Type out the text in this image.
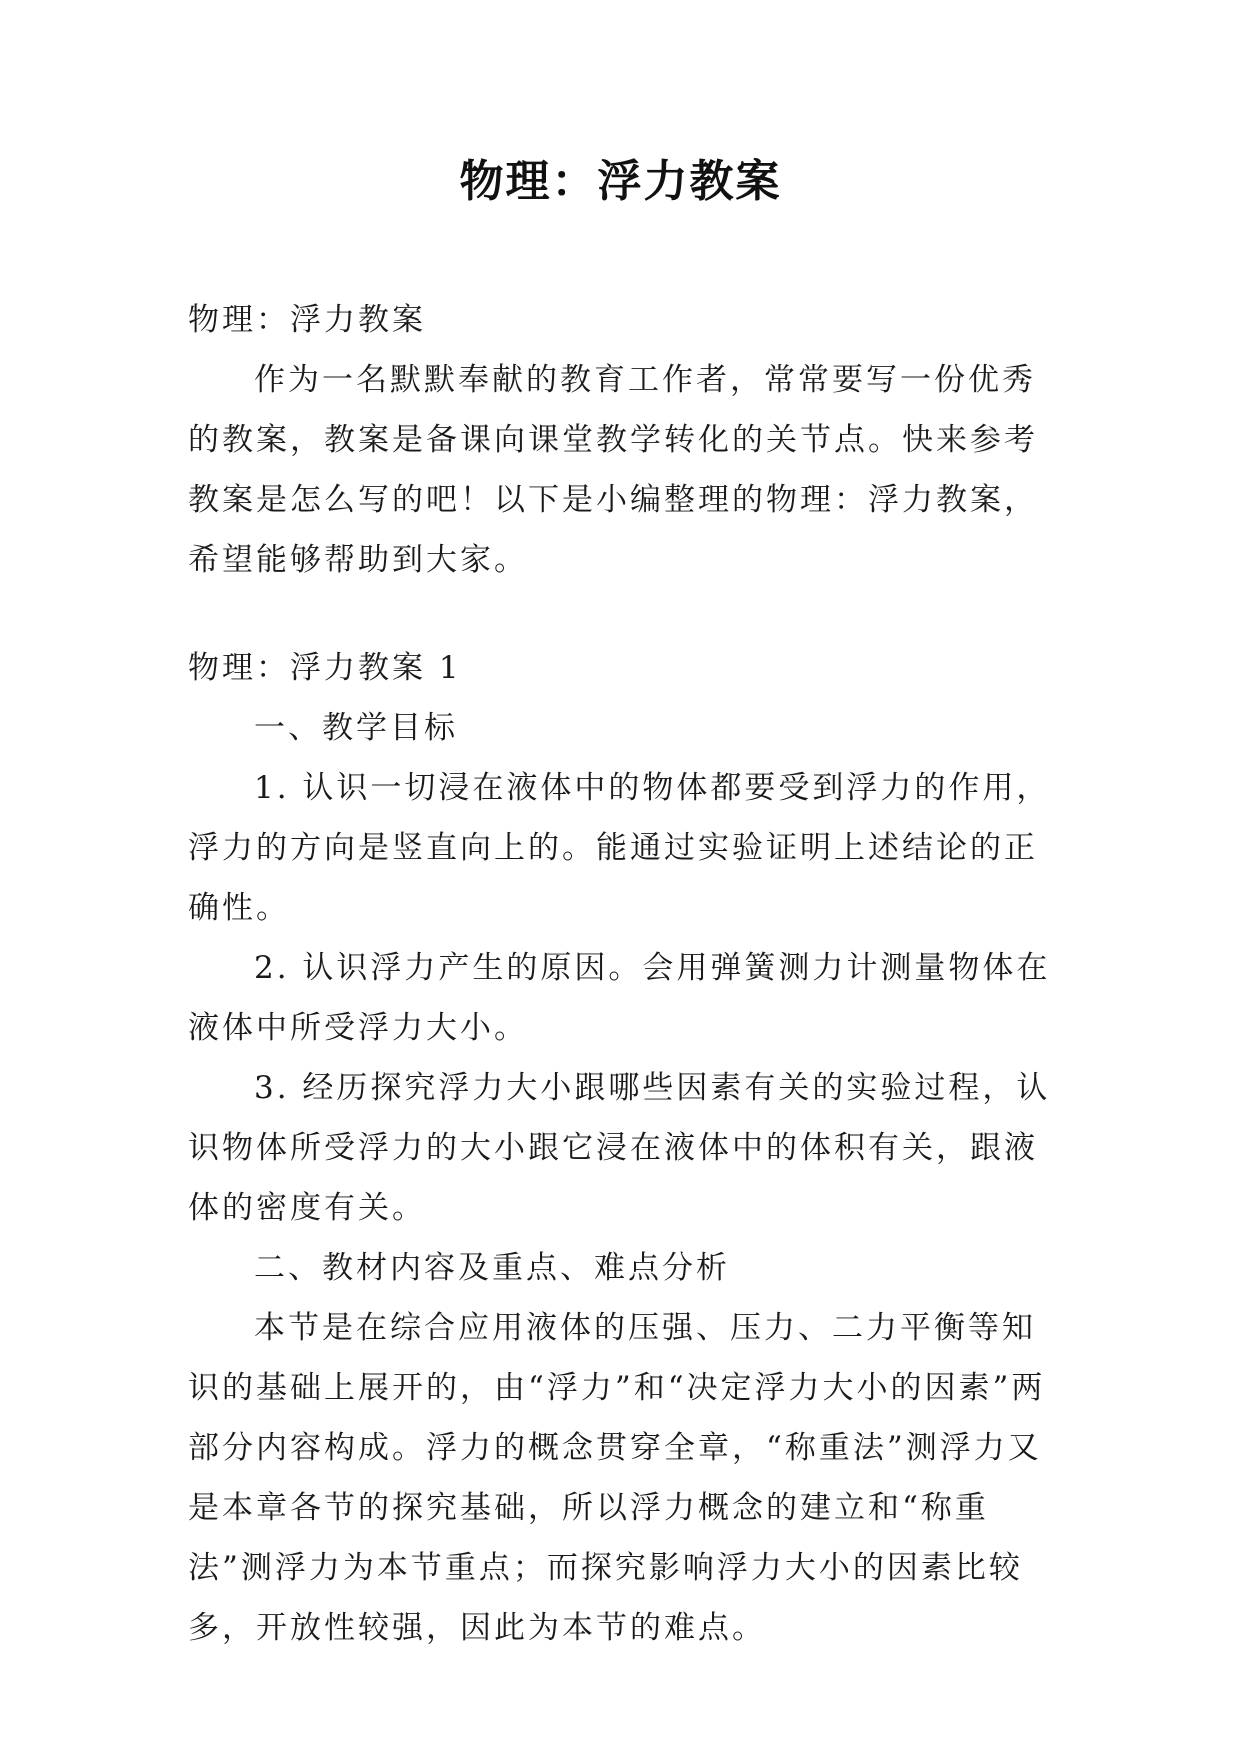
物理：浮力教案

物理：浮力教案

作为一名默默奉献的教育工作者，常常要写一份优秀的教案，教案是备课向课堂教学转化的关节点。快来参考教案是怎么写的吧！以下是小编整理的物理：浮力教案，希望能够帮助到大家。

物理：浮力教案 1

一、教学目标

1. 认识一切浸在液体中的物体都要受到浮力的作用，浮力的方向是竖直向上的。能通过实验证明上述结论的正确性。

2. 认识浮力产生的原因。会用弹簧测力计测量物体在液体中所受浮力大小。

3. 经历探究浮力大小跟哪些因素有关的实验过程，认识物体所受浮力的大小跟它浸在液体中的体积有关，跟液体的密度有关。

二、教材内容及重点、难点分析

本节是在综合应用液体的压强、压力、二力平衡等知识的基础上展开的，由“浮力”和“决定浮力大小的因素”两部分内容构成。浮力的概念贯穿全章，“称重法”测浮力又是本章各节的探究基础，所以浮力概念的建立和“称重法”测浮力为本节重点；而探究影响浮力大小的因素比较多，开放性较强，因此为本节的难点。
